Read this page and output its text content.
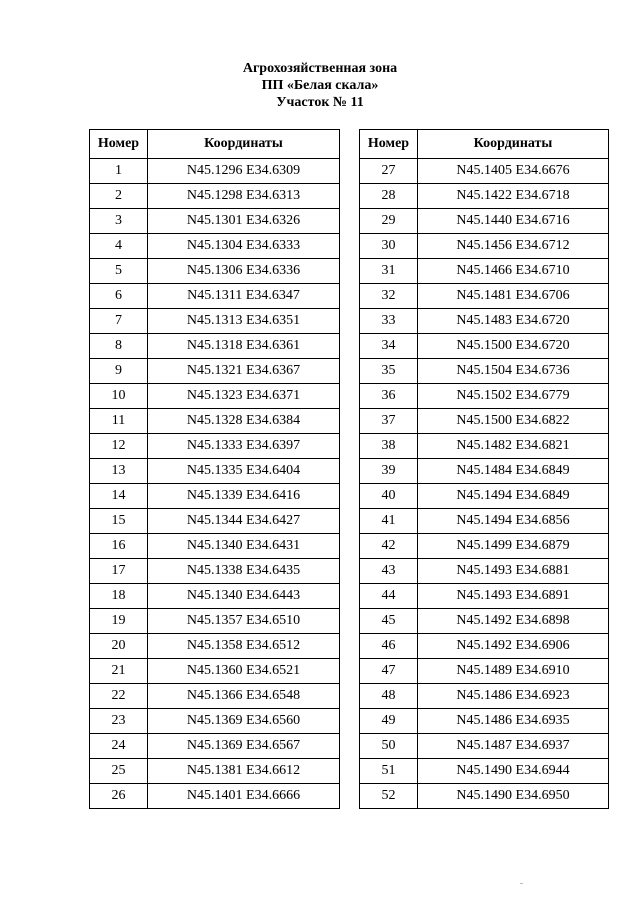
Агрохозяйственная зона
ПП «Белая скала»
Участок № 11
Номер	Координаты
1	N45.1296 E34.6309
2	N45.1298 E34.6313
3	N45.1301 E34.6326
4	N45.1304 E34.6333
5	N45.1306 E34.6336
6	N45.1311 E34.6347
7	N45.1313 E34.6351
8	N45.1318 E34.6361
9	N45.1321 E34.6367
10	N45.1323 E34.6371
11	N45.1328 E34.6384
12	N45.1333 E34.6397
13	N45.1335 E34.6404
14	N45.1339 E34.6416
15	N45.1344 E34.6427
16	N45.1340 E34.6431
17	N45.1338 E34.6435
18	N45.1340 E34.6443
19	N45.1357 E34.6510
20	N45.1358 E34.6512
21	N45.1360 E34.6521
22	N45.1366 E34.6548
23	N45.1369 E34.6560
24	N45.1369 E34.6567
25	N45.1381 E34.6612
26	N45.1401 E34.6666
Номер	Координаты
27	N45.1405 E34.6676
28	N45.1422 E34.6718
29	N45.1440 E34.6716
30	N45.1456 E34.6712
31	N45.1466 E34.6710
32	N45.1481 E34.6706
33	N45.1483 E34.6720
34	N45.1500 E34.6720
35	N45.1504 E34.6736
36	N45.1502 E34.6779
37	N45.1500 E34.6822
38	N45.1482 E34.6821
39	N45.1484 E34.6849
40	N45.1494 E34.6849
41	N45.1494 E34.6856
42	N45.1499 E34.6879
43	N45.1493 E34.6881
44	N45.1493 E34.6891
45	N45.1492 E34.6898
46	N45.1492 E34.6906
47	N45.1489 E34.6910
48	N45.1486 E34.6923
49	N45.1486 E34.6935
50	N45.1487 E34.6937
51	N45.1490 E34.6944
52	N45.1490 E34.6950
